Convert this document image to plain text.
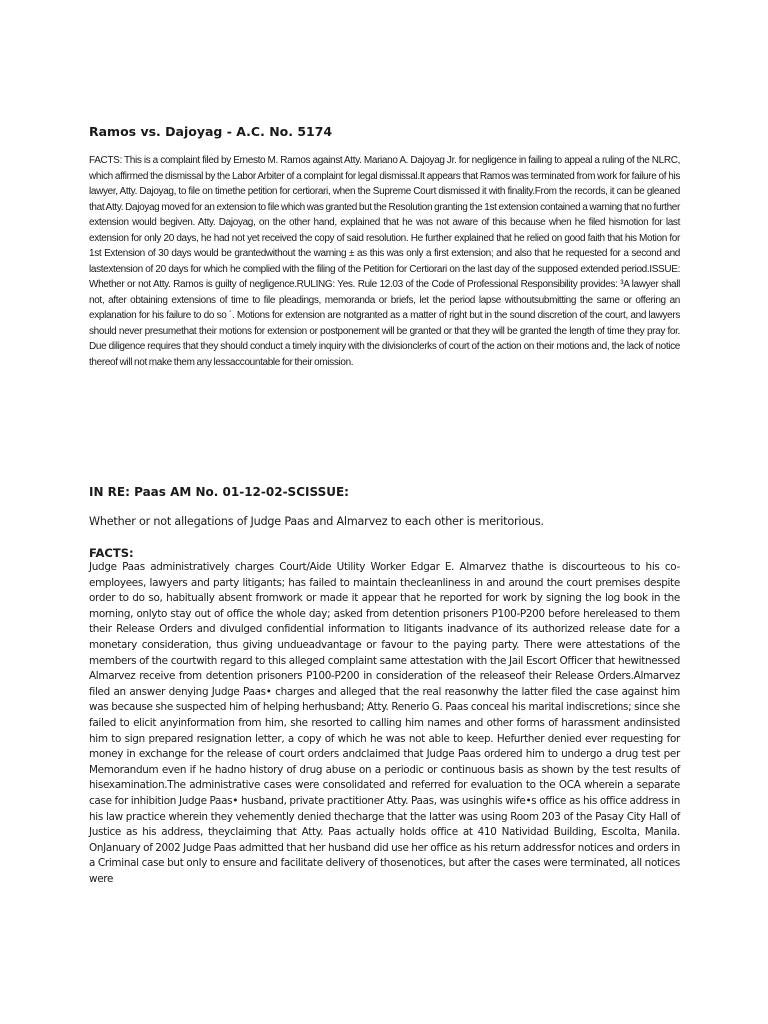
Ramos vs. Dajoyag - A.C. No. 5174

FACTS: This is a complaint filed by Ernesto M. Ramos against Atty. Mariano A. Dajoyag Jr. for negligence in failing to appeal a ruling of the NLRC, which affirmed the dismissal by the Labor Arbiter of a complaint for legal dismissal.It appears that Ramos was terminated from work for failure of his lawyer, Atty. Dajoyag, to file on timethe petition for certiorari, when the Supreme Court dismissed it with finality.From the records, it can be gleaned that Atty. Dajoyag moved for an extension to file which was granted but the Resolution granting the 1st extension contained a warning that no further extension would begiven. Atty. Dajoyag, on the other hand, explained that he was not aware of this because when he filed hismotion for last extension for only 20 days, he had not yet received the copy of said resolution. He further explained that he relied on good faith that his Motion for 1st Extension of 30 days would be grantedwithout the warning ± as this was only a first extension; and also that he requested for a second and lastextension of 20 days for which he complied with the filing of the Petition for Certiorari on the last day of the supposed extended period.ISSUE: Whether or not Atty. Ramos is guilty of negligence.RULING: Yes. Rule 12.03 of the Code of Professional Responsibility provides: ³A lawyer shall not, after obtaining extensions of time to file pleadings, memoranda or briefs, let the period lapse withoutsubmitting the same or offering an explanation for his failure to do so ´. Motions for extension are notgranted as a matter of right but in the sound discretion of the court, and lawyers should never presumethat their motions for extension or postponement will be granted or that they will be granted the length of time they pray for. Due diligence requires that they should conduct a timely inquiry with the divisionclerks of court of the action on their motions and, the lack of notice thereof will not make them any lessaccountable for their omission.

IN RE: Paas AM No. 01-12-02-SCISSUE:

Whether or not allegations of Judge Paas and Almarvez to each other is meritorious.

FACTS:

Judge Paas administratively charges Court/Aide Utility Worker Edgar E. Almarvez thathe is discourteous to his co-employees, lawyers and party litigants; has failed to maintain thecleanliness in and around the court premises despite order to do so, habitually absent fromwork or made it appear that he reported for work by signing the log book in the morning, onlyto stay out of office the whole day; asked from detention prisoners P100-P200 before hereleased to them their Release Orders and divulged confidential information to litigants inadvance of its authorized release date for a monetary consideration, thus giving undueadvantage or favour to the paying party. There were attestations of the members of the courtwith regard to this alleged complaint same attestation with the Jail Escort Officer that hewitnessed Almarvez receive from detention prisoners P100-P200 in consideration of the releaseof their Release Orders.Almarvez filed an answer denying Judge Paas• charges and alleged that the real reasonwhy the latter filed the case against him was because she suspected him of helping herhusband; Atty. Renerio G. Paas conceal his marital indiscretions; since she failed to elicit anyinformation from him, she resorted to calling him names and other forms of harassment andinsisted him to sign prepared resignation letter, a copy of which he was not able to keep. Hefurther denied ever requesting for money in exchange for the release of court orders andclaimed that Judge Paas ordered him to undergo a drug test per Memorandum even if he hadno history of drug abuse on a periodic or continuous basis as shown by the test results of hisexamination.The administrative cases were consolidated and referred for evaluation to the OCA wherein a separate case for inhibition Judge Paas• husband, private practitioner Atty. Paas, was usinghis wife•s office as his office address in his law practice wherein they vehemently denied thecharge that the latter was using Room 203 of the Pasay City Hall of Justice as his address, theyclaiming that Atty. Paas actually holds office at 410 Natividad Building, Escolta, Manila. OnJanuary of 2002 Judge Paas admitted that her husband did use her office as his return addressfor notices and orders in a Criminal case but only to ensure and facilitate delivery of thosenotices, but after the cases were terminated, all notices were
